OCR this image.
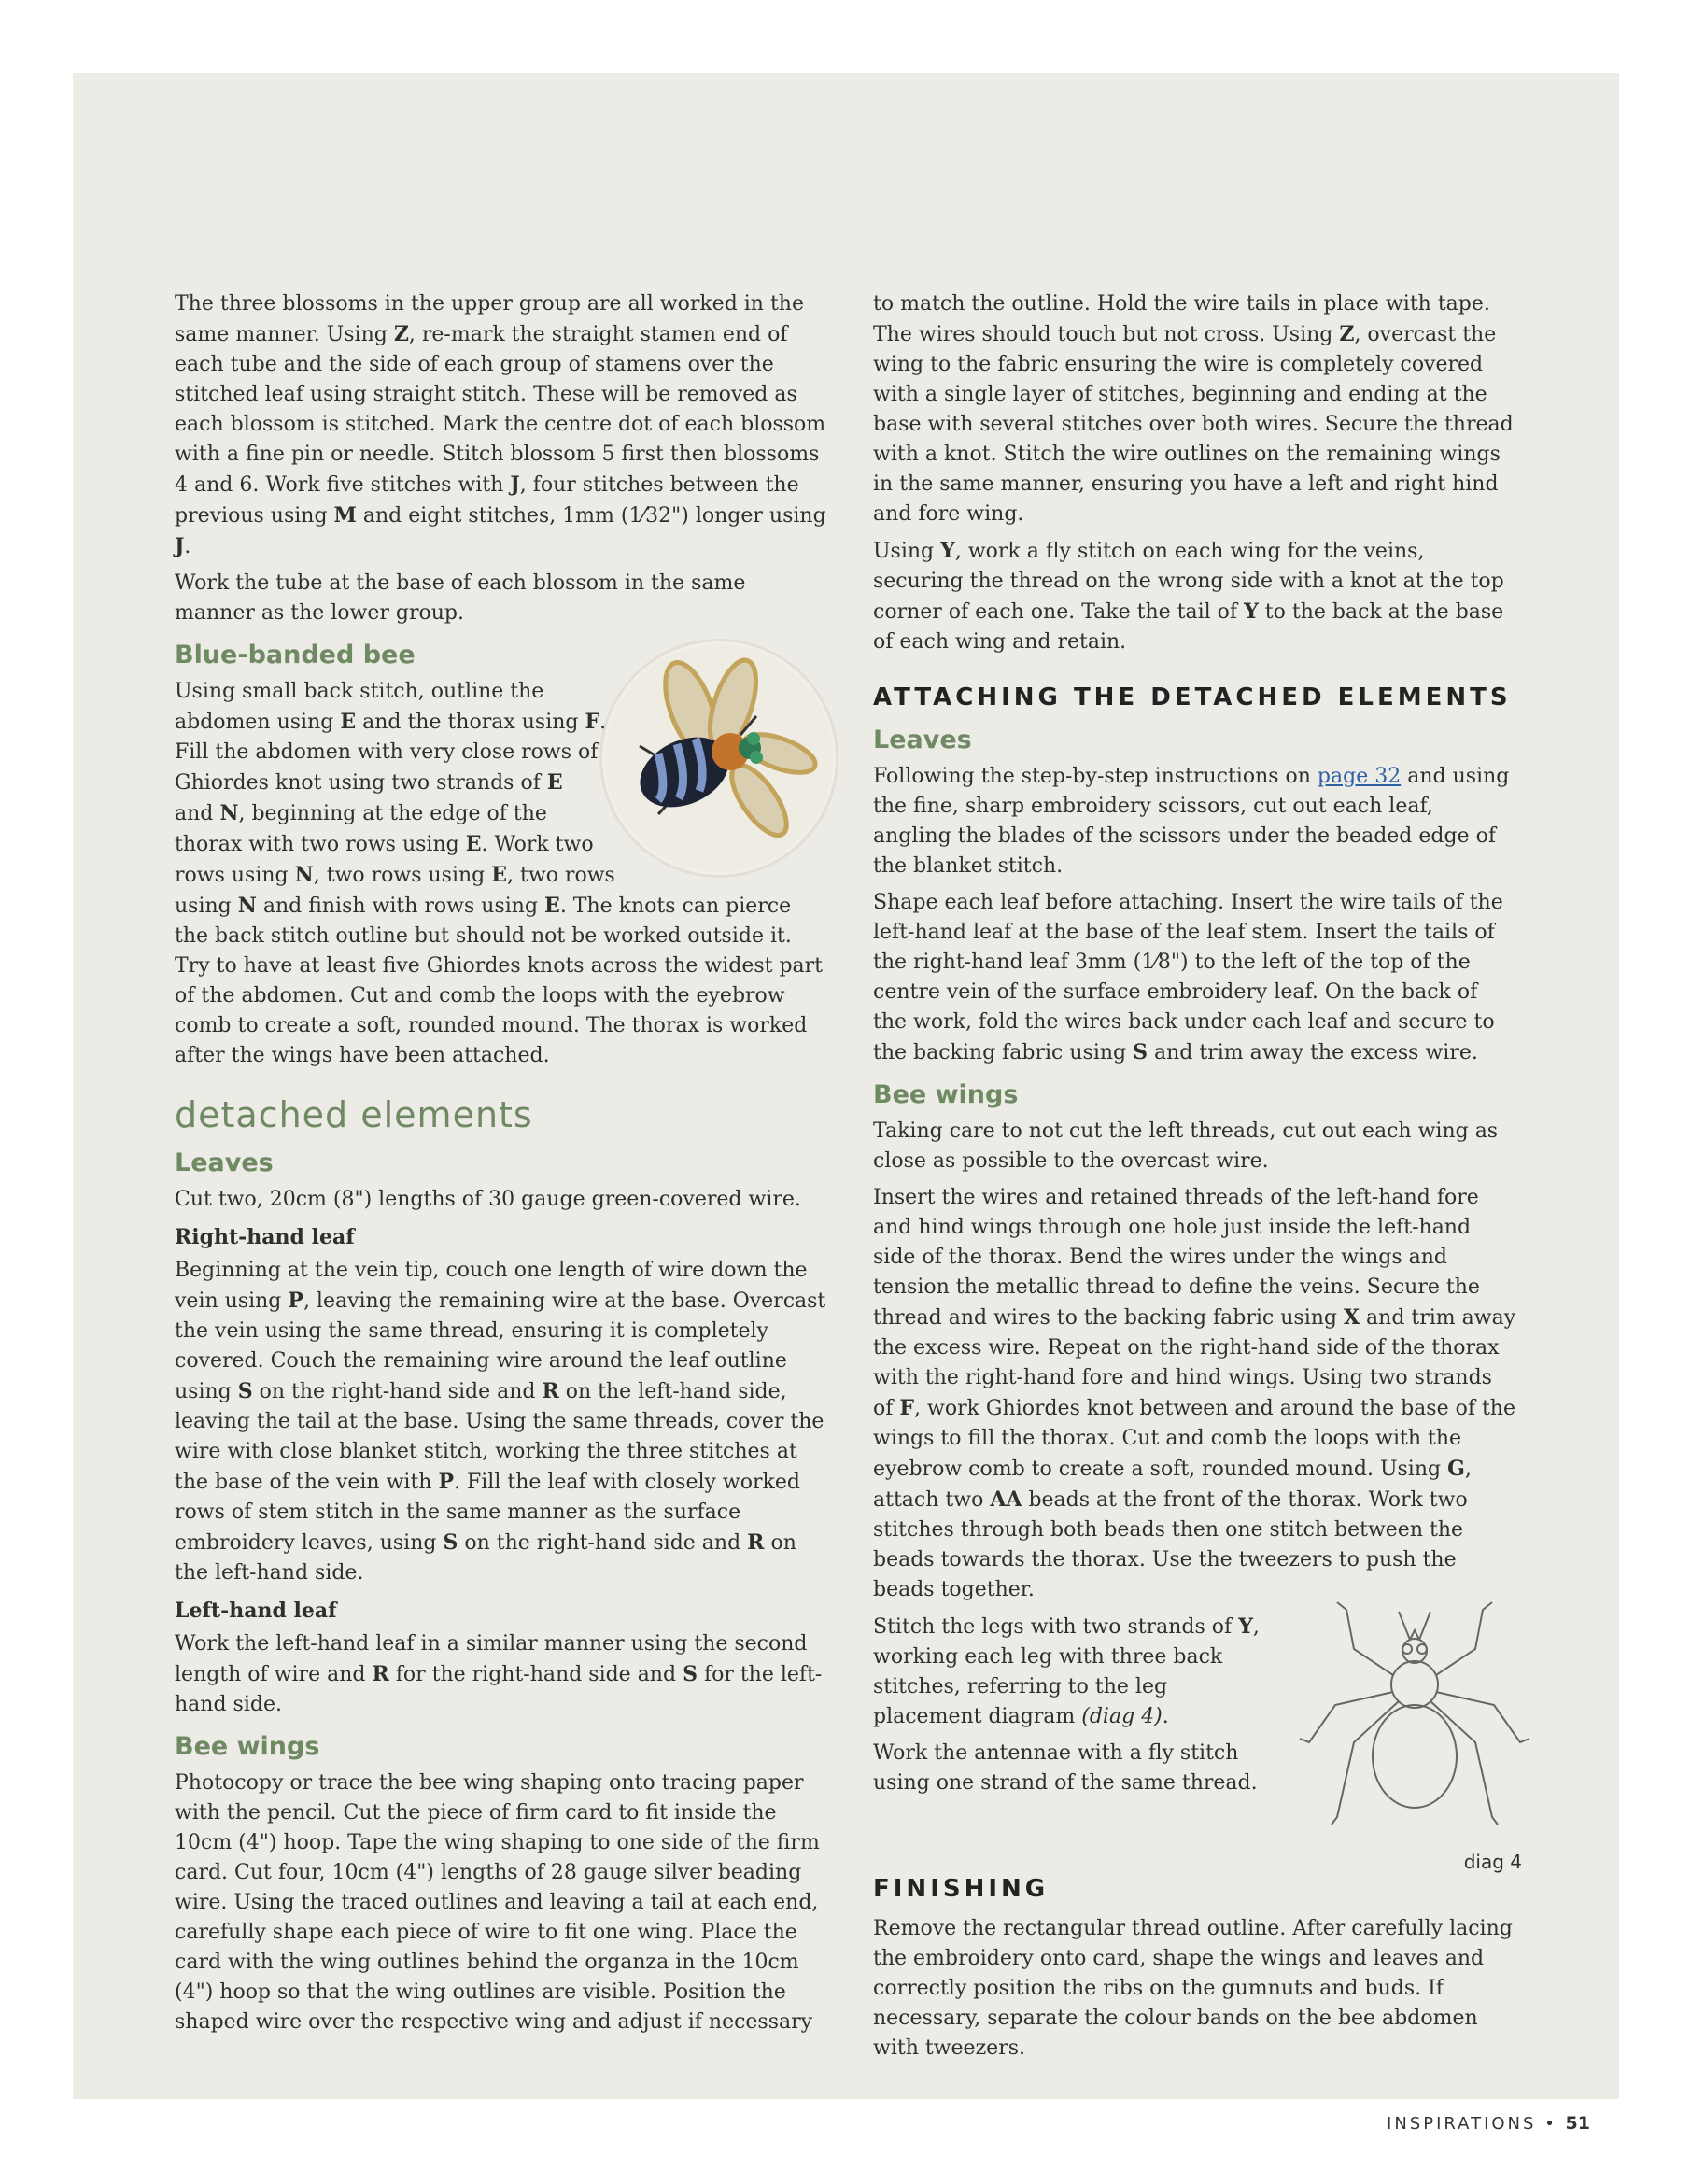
The three blossoms in the upper group are all worked in the same manner. Using Z, re-mark the straight stamen end of each tube and the side of each group of stamens over the stitched leaf using straight stitch. These will be removed as each blossom is stitched. Mark the centre dot of each blossom with a fine pin or needle. Stitch blossom 5 first then blossoms 4 and 6. Work five stitches with J, four stitches between the previous using M and eight stitches, 1mm (1⁄32") longer using J.

Work the tube at the base of each blossom in the same manner as the lower group.

Blue-banded bee

Using small back stitch, outline the abdomen using E and the thorax using F. Fill the abdomen with very close rows of Ghiordes knot using two strands of E and N, beginning at the edge of the thorax with two rows using E. Work two rows using N, two rows using E, two rows using N and finish with rows using E. The knots can pierce the back stitch outline but should not be worked outside it. Try to have at least five Ghiordes knots across the widest part of the abdomen. Cut and comb the loops with the eyebrow comb to create a soft, rounded mound. The thorax is worked after the wings have been attached.

detached elements
Leaves

Cut two, 20cm (8") lengths of 30 gauge green-covered wire.

Right-hand leaf

Beginning at the vein tip, couch one length of wire down the vein using P, leaving the remaining wire at the base. Overcast the vein using the same thread, ensuring it is completely covered. Couch the remaining wire around the leaf outline using S on the right-hand side and R on the left-hand side, leaving the tail at the base. Using the same threads, cover the wire with close blanket stitch, working the three stitches at the base of the vein with P. Fill the leaf with closely worked rows of stem stitch in the same manner as the surface embroidery leaves, using S on the right-hand side and R on the left-hand side.

Left-hand leaf

Work the left-hand leaf in a similar manner using the second length of wire and R for the right-hand side and S for the left-hand side.

Bee wings

Photocopy or trace the bee wing shaping onto tracing paper with the pencil. Cut the piece of firm card to fit inside the 10cm (4") hoop. Tape the wing shaping to one side of the firm card. Cut four, 10cm (4") lengths of 28 gauge silver beading wire. Using the traced outlines and leaving a tail at each end, carefully shape each piece of wire to fit one wing. Place the card with the wing outlines behind the organza in the 10cm (4") hoop so that the wing outlines are visible. Position the shaped wire over the respective wing and adjust if necessary

to match the outline. Hold the wire tails in place with tape. The wires should touch but not cross. Using Z, overcast the wing to the fabric ensuring the wire is completely covered with a single layer of stitches, beginning and ending at the base with several stitches over both wires. Secure the thread with a knot. Stitch the wire outlines on the remaining wings in the same manner, ensuring you have a left and right hind and fore wing.

Using Y, work a fly stitch on each wing for the veins, securing the thread on the wrong side with a knot at the top corner of each one. Take the tail of Y to the back at the base of each wing and retain.

ATTACHING THE DETACHED ELEMENTS
Leaves

Following the step-by-step instructions on page 32 and using the fine, sharp embroidery scissors, cut out each leaf, angling the blades of the scissors under the beaded edge of the blanket stitch.

Shape each leaf before attaching. Insert the wire tails of the left-hand leaf at the base of the leaf stem. Insert the tails of the right-hand leaf 3mm (1⁄8") to the left of the top of the centre vein of the surface embroidery leaf. On the back of the work, fold the wires back under each leaf and secure to the backing fabric using S and trim away the excess wire.

Bee wings

Taking care to not cut the left threads, cut out each wing as close as possible to the overcast wire.

Insert the wires and retained threads of the left-hand fore and hind wings through one hole just inside the left-hand side of the thorax. Bend the wires under the wings and tension the metallic thread to define the veins. Secure the thread and wires to the backing fabric using X and trim away the excess wire. Repeat on the right-hand side of the thorax with the right-hand fore and hind wings. Using two strands of F, work Ghiordes knot between and around the base of the wings to fill the thorax. Cut and comb the loops with the eyebrow comb to create a soft, rounded mound. Using G, attach two AA beads at the front of the thorax. Work two stitches through both beads then one stitch between the beads towards the thorax. Use the tweezers to push the beads together.

diag 4

Stitch the legs with two strands of Y, working each leg with three back stitches, referring to the leg placement diagram (diag 4).

Work the antennae with a fly stitch using one strand of the same thread.

FINISHING

Remove the rectangular thread outline. After carefully lacing the embroidery onto card, shape the wings and leaves and correctly position the ribs on the gumnuts and buds. If necessary, separate the colour bands on the bee abdomen with tweezers.

INSPIRATIONS • 51
